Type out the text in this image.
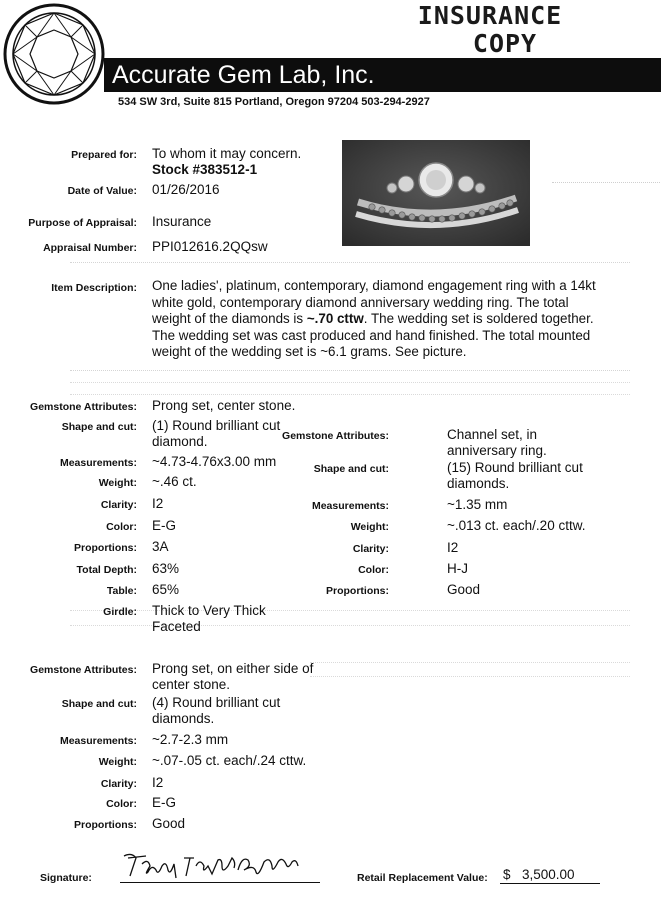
INSURANCE
COPY
Accurate Gem Lab, Inc.
534 SW 3rd, Suite 815 Portland, Oregon 97204 503-294-2927
Prepared for: To whom it may concern.
Stock #383512-1
Date of Value: 01/26/2016
Purpose of Appraisal: Insurance
Appraisal Number: PPI012616.2QQsw
Item Description: One ladies', platinum, contemporary, diamond engagement ring with a 14kt white gold, contemporary diamond anniversary wedding ring. The total weight of the diamonds is ~.70 cttw. The wedding set is soldered together. The wedding set was cast produced and hand finished. The total mounted weight of the wedding set is ~6.1 grams. See picture.
Gemstone Attributes: Prong set, center stone.
Shape and cut: (1) Round brilliant cut diamond.
Measurements: ~4.73-4.76x3.00 mm
Weight: ~.46 ct.
Clarity: I2
Color: E-G
Proportions: 3A
Total Depth: 63%
Table: 65%
Girdle: Thick to Very Thick Faceted
Gemstone Attributes:	Channel set, in anniversary ring.
Shape and cut:	(15) Round brilliant cut diamonds.
Measurements:	~1.35 mm
Weight:	~.013 ct. each/.20 cttw.
Clarity:	I2
Color:	H-J
Proportions:	Good
Gemstone Attributes: Prong set, on either side of center stone.
Shape and cut: (4) Round brilliant cut diamonds.
Measurements: ~2.7-2.3 mm
Weight: ~.07-.05 ct. each/.24 cttw.
Clarity: I2
Color: E-G
Proportions: Good
Signature:	Retail Replacement Value: $ 3,500.00
